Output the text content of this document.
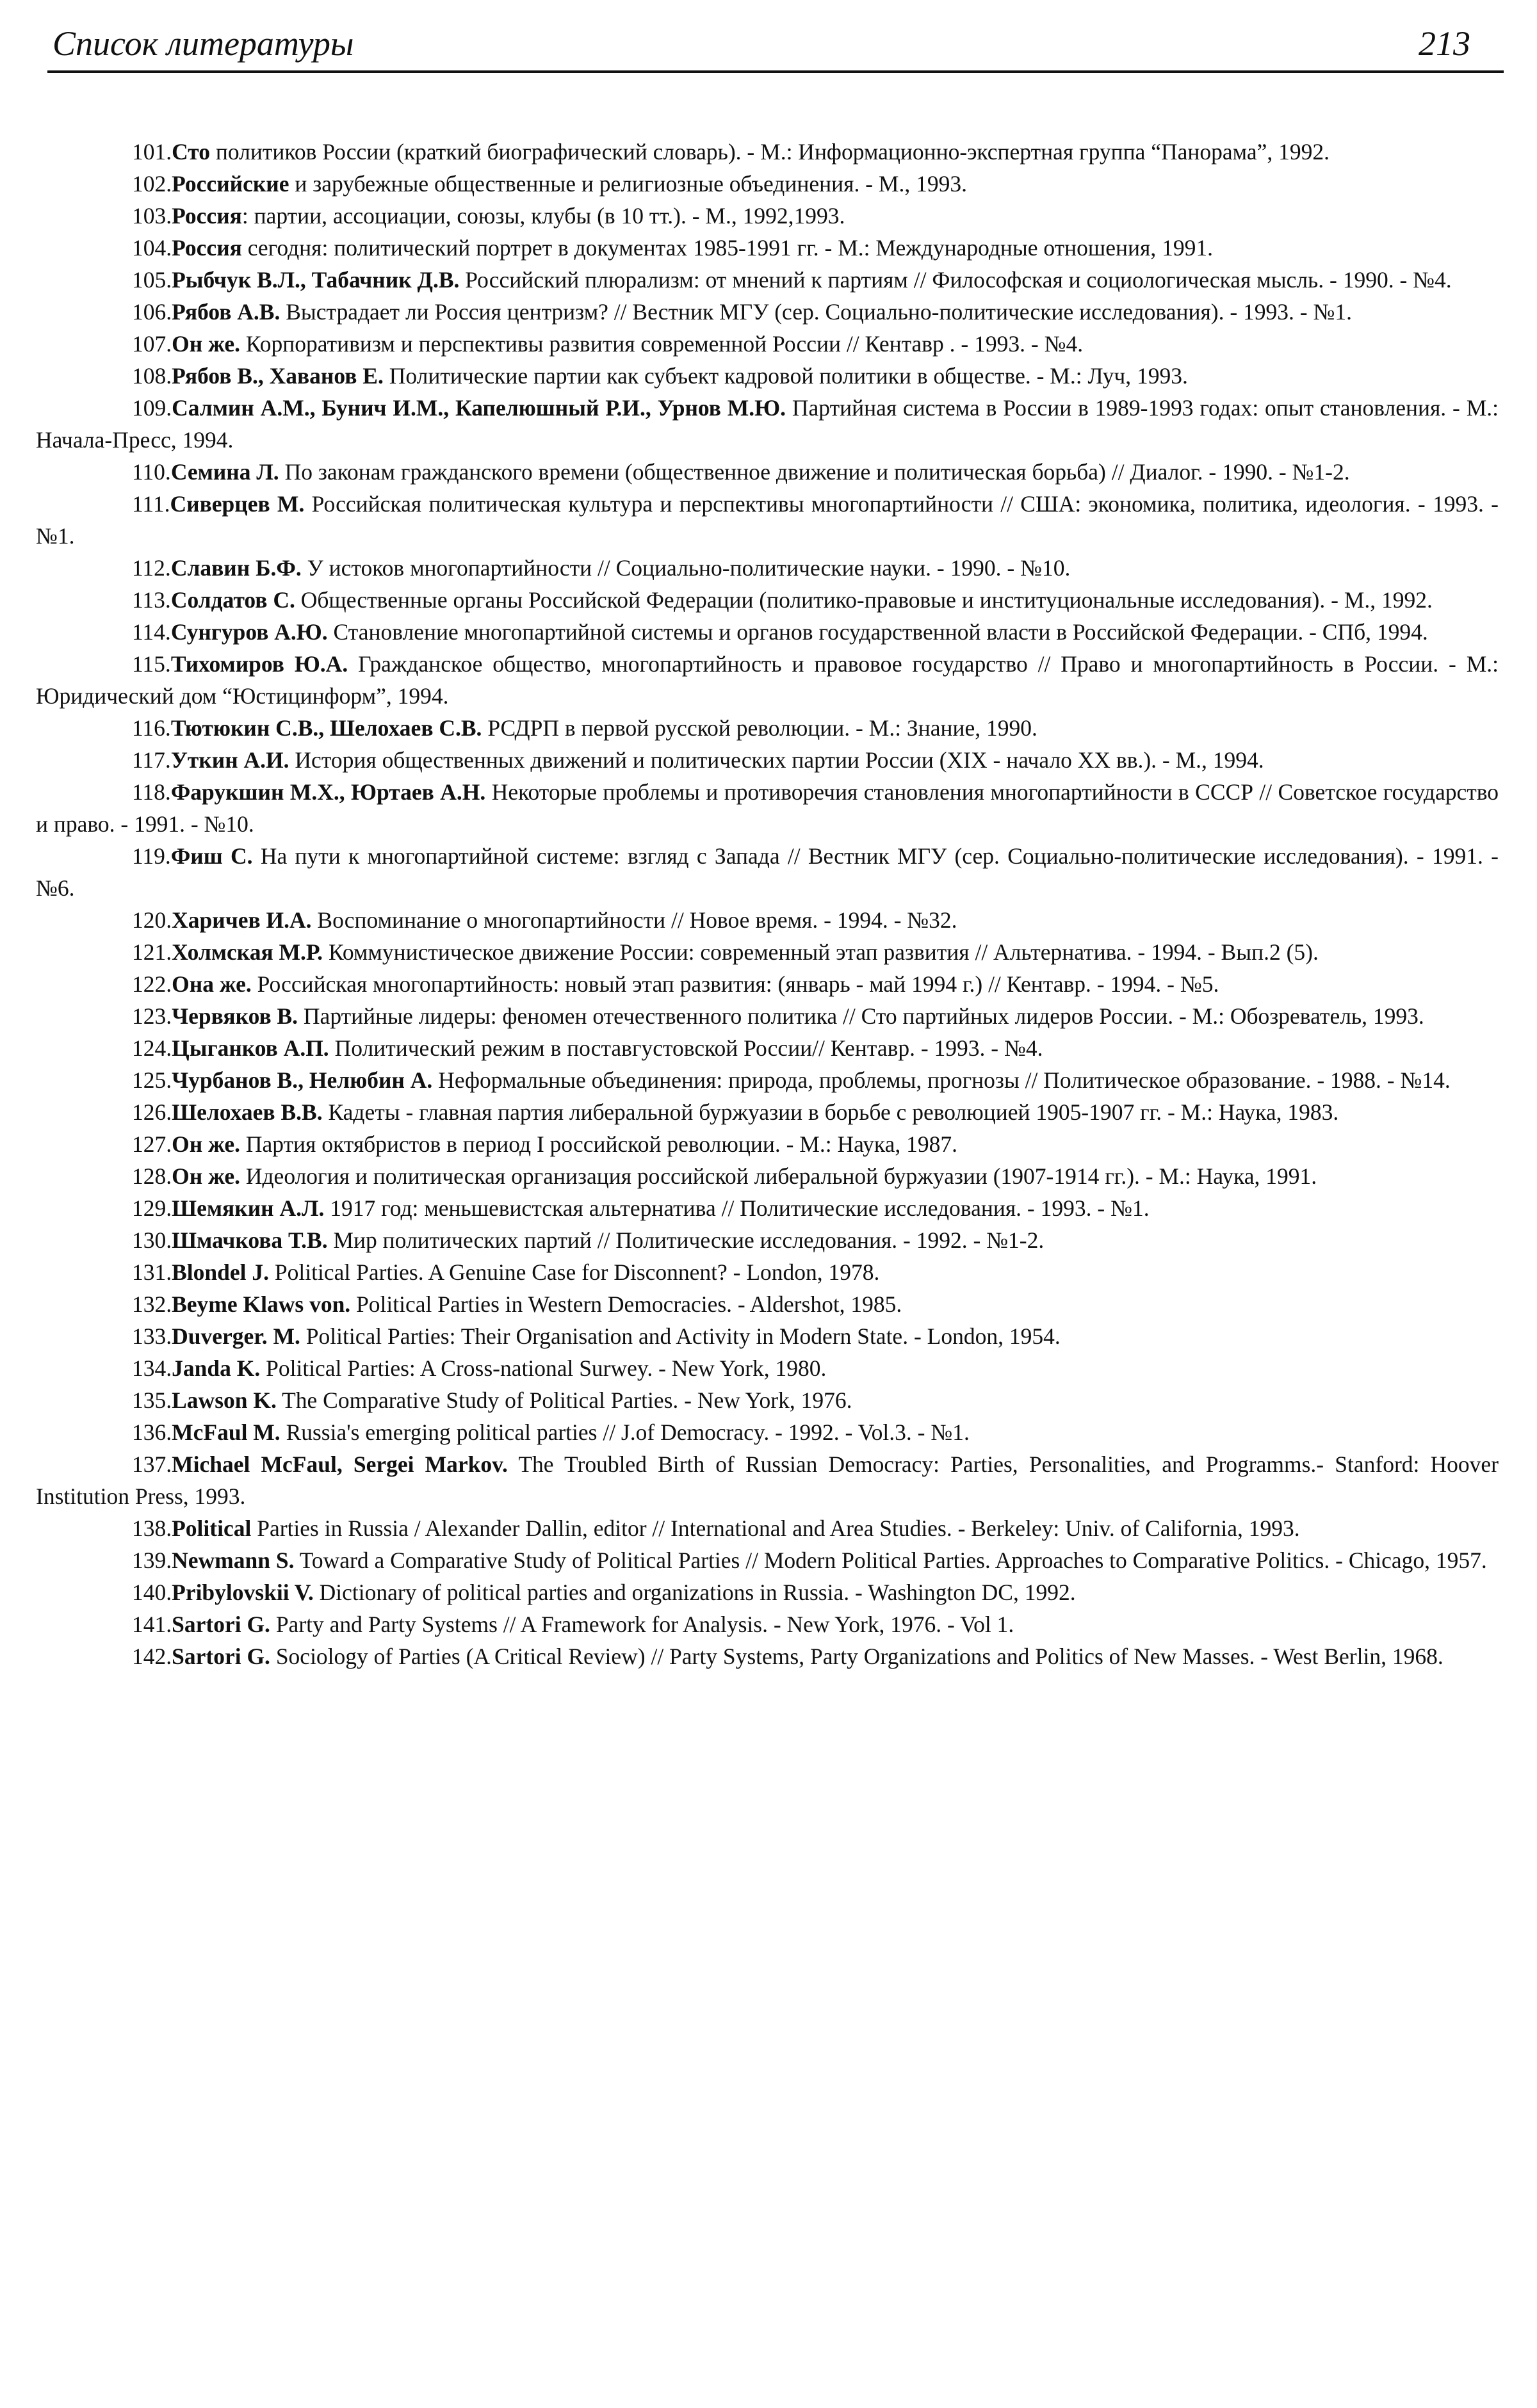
Список литературы	213

101.Сто политиков России (краткий биографический словарь). - М.: Информационно-экспертная группа “Панорама”, 1992.

102.Российские и зарубежные общественные и религиозные объединения. - М., 1993.

103.Россия: партии, ассоциации, союзы, клубы (в 10 тт.). - М., 1992,1993.

104.Россия сегодня: политический портрет в документах 1985-1991 гг. - М.: Международные отношения, 1991.

105.Рыбчук В.Л., Табачник Д.В. Российский плюрализм: от мнений к партиям // Философская и социологическая мысль. - 1990. - №4.

106.Рябов А.В. Выстрадает ли Россия центризм? // Вестник МГУ (сер. Социально-политические исследования). - 1993. - №1.

107.Он же. Корпоративизм и перспективы развития современной России // Кентавр . - 1993. - №4.

108.Рябов В., Хаванов Е. Политические партии как субъект кадровой политики в обществе. - М.: Луч, 1993.

109.Салмин А.М., Бунич И.М., Капелюшный Р.И., Урнов М.Ю. Партийная система в России в 1989-1993 годах: опыт становления. - М.: Начала-Пресс, 1994.

110.Семина Л. По законам гражданского времени (общественное движение и политическая борьба) // Диалог. - 1990. - №1-2.

111.Сиверцев М. Российская политическая культура и перспективы многопартийности // США: экономика, политика, идеология. - 1993. - №1.

112.Славин Б.Ф. У истоков многопартийности // Социально-политические науки. - 1990. - №10.

113.Солдатов С. Общественные органы Российской Федерации (политико-правовые и институциональные исследования). - М., 1992.

114.Сунгуров А.Ю. Становление многопартийной системы и органов государственной власти в Российской Федерации. - СПб, 1994.

115.Тихомиров Ю.А. Гражданское общество, многопартийность и правовое государство // Право и многопартийность в России. - М.: Юридический дом “Юстицинформ”, 1994.

116.Тютюкин С.В., Шелохаев С.В. РСДРП в первой русской революции. - М.: Знание, 1990.

117.Уткин А.И. История общественных движений и политических партии России (XIX - начало XX вв.). - М., 1994.

118.Фарукшин М.Х., Юртаев А.Н. Некоторые проблемы и противоречия становления многопартийности в СССР // Советское государство и право. - 1991. - №10.

119.Фиш С. На пути к многопартийной системе: взгляд с Запада // Вестник МГУ (сер. Социально-политические исследования). - 1991. - №6.

120.Харичев И.А. Воспоминание о многопартийности // Новое время. - 1994. - №32.

121.Холмская М.Р. Коммунистическое движение России: современный этап развития // Альтернатива. - 1994. - Вып.2 (5).

122.Она же. Российская многопартийность: новый этап развития: (январь - май 1994 г.) // Кентавр. - 1994. - №5.

123.Червяков В. Партийные лидеры: феномен отечественного политика // Сто партийных лидеров России. - М.: Обозреватель, 1993.

124.Цыганков А.П. Политический режим в поставгустовской России// Кентавр. - 1993. - №4.

125.Чурбанов В., Нелюбин А. Неформальные объединения: природа, проблемы, прогнозы // Политическое образование. - 1988. - №14.

126.Шелохаев В.В. Кадеты - главная партия либеральной буржуазии в борьбе с революцией 1905-1907 гг. - М.: Наука, 1983.

127.Он же. Партия октябристов в период I российской революции. - М.: Наука, 1987.

128.Он же. Идеология и политическая организация российской либеральной буржуазии (1907-1914 гг.). - М.: Наука, 1991.

129.Шемякин А.Л. 1917 год: меньшевистская альтернатива // Политические исследования. - 1993. - №1.

130.Шмачкова Т.В. Мир политических партий // Политические исследования. - 1992. - №1-2.

131.Blondel J. Political Parties. A Genuine Case for Disconnent? - London, 1978.

132.Beyme Klaws von. Political Parties in Western Democracies. - Aldershot, 1985.

133.Duverger. M. Political Parties: Their Organisation and Activity in Modern State. - London, 1954.

134.Janda K. Political Parties: A Cross-national Surwey. - New York, 1980.

135.Lawson K. The Comparative Study of Political Parties. - New York, 1976.

136.McFaul M. Russia's emerging political parties // J.of Democracy. - 1992. - Vol.3. - №1.

137.Michael McFaul, Sergei Markov. The Troubled Birth of Russian Democracy: Parties, Personalities, and Programms.- Stanford: Hoover Institution Press, 1993.

138.Political Parties in Russia / Alexander Dallin, editor // International and Area Studies. - Berkeley: Univ. of California, 1993.

139.Newmann S. Toward a Comparative Study of Political Parties // Modern Political Parties. Approaches to Comparative Politics. - Chicago, 1957.

140.Pribylovskii V. Dictionary of political parties and organizations in Russia. - Washington DC, 1992.

141.Sartori G. Party and Party Systems // A Framework for Analysis. - New York, 1976. - Vol 1.

142.Sartori G. Sociology of Parties (A Critical Review) // Party Systems, Party Organizations and Politics of New Masses. - West Berlin, 1968.
